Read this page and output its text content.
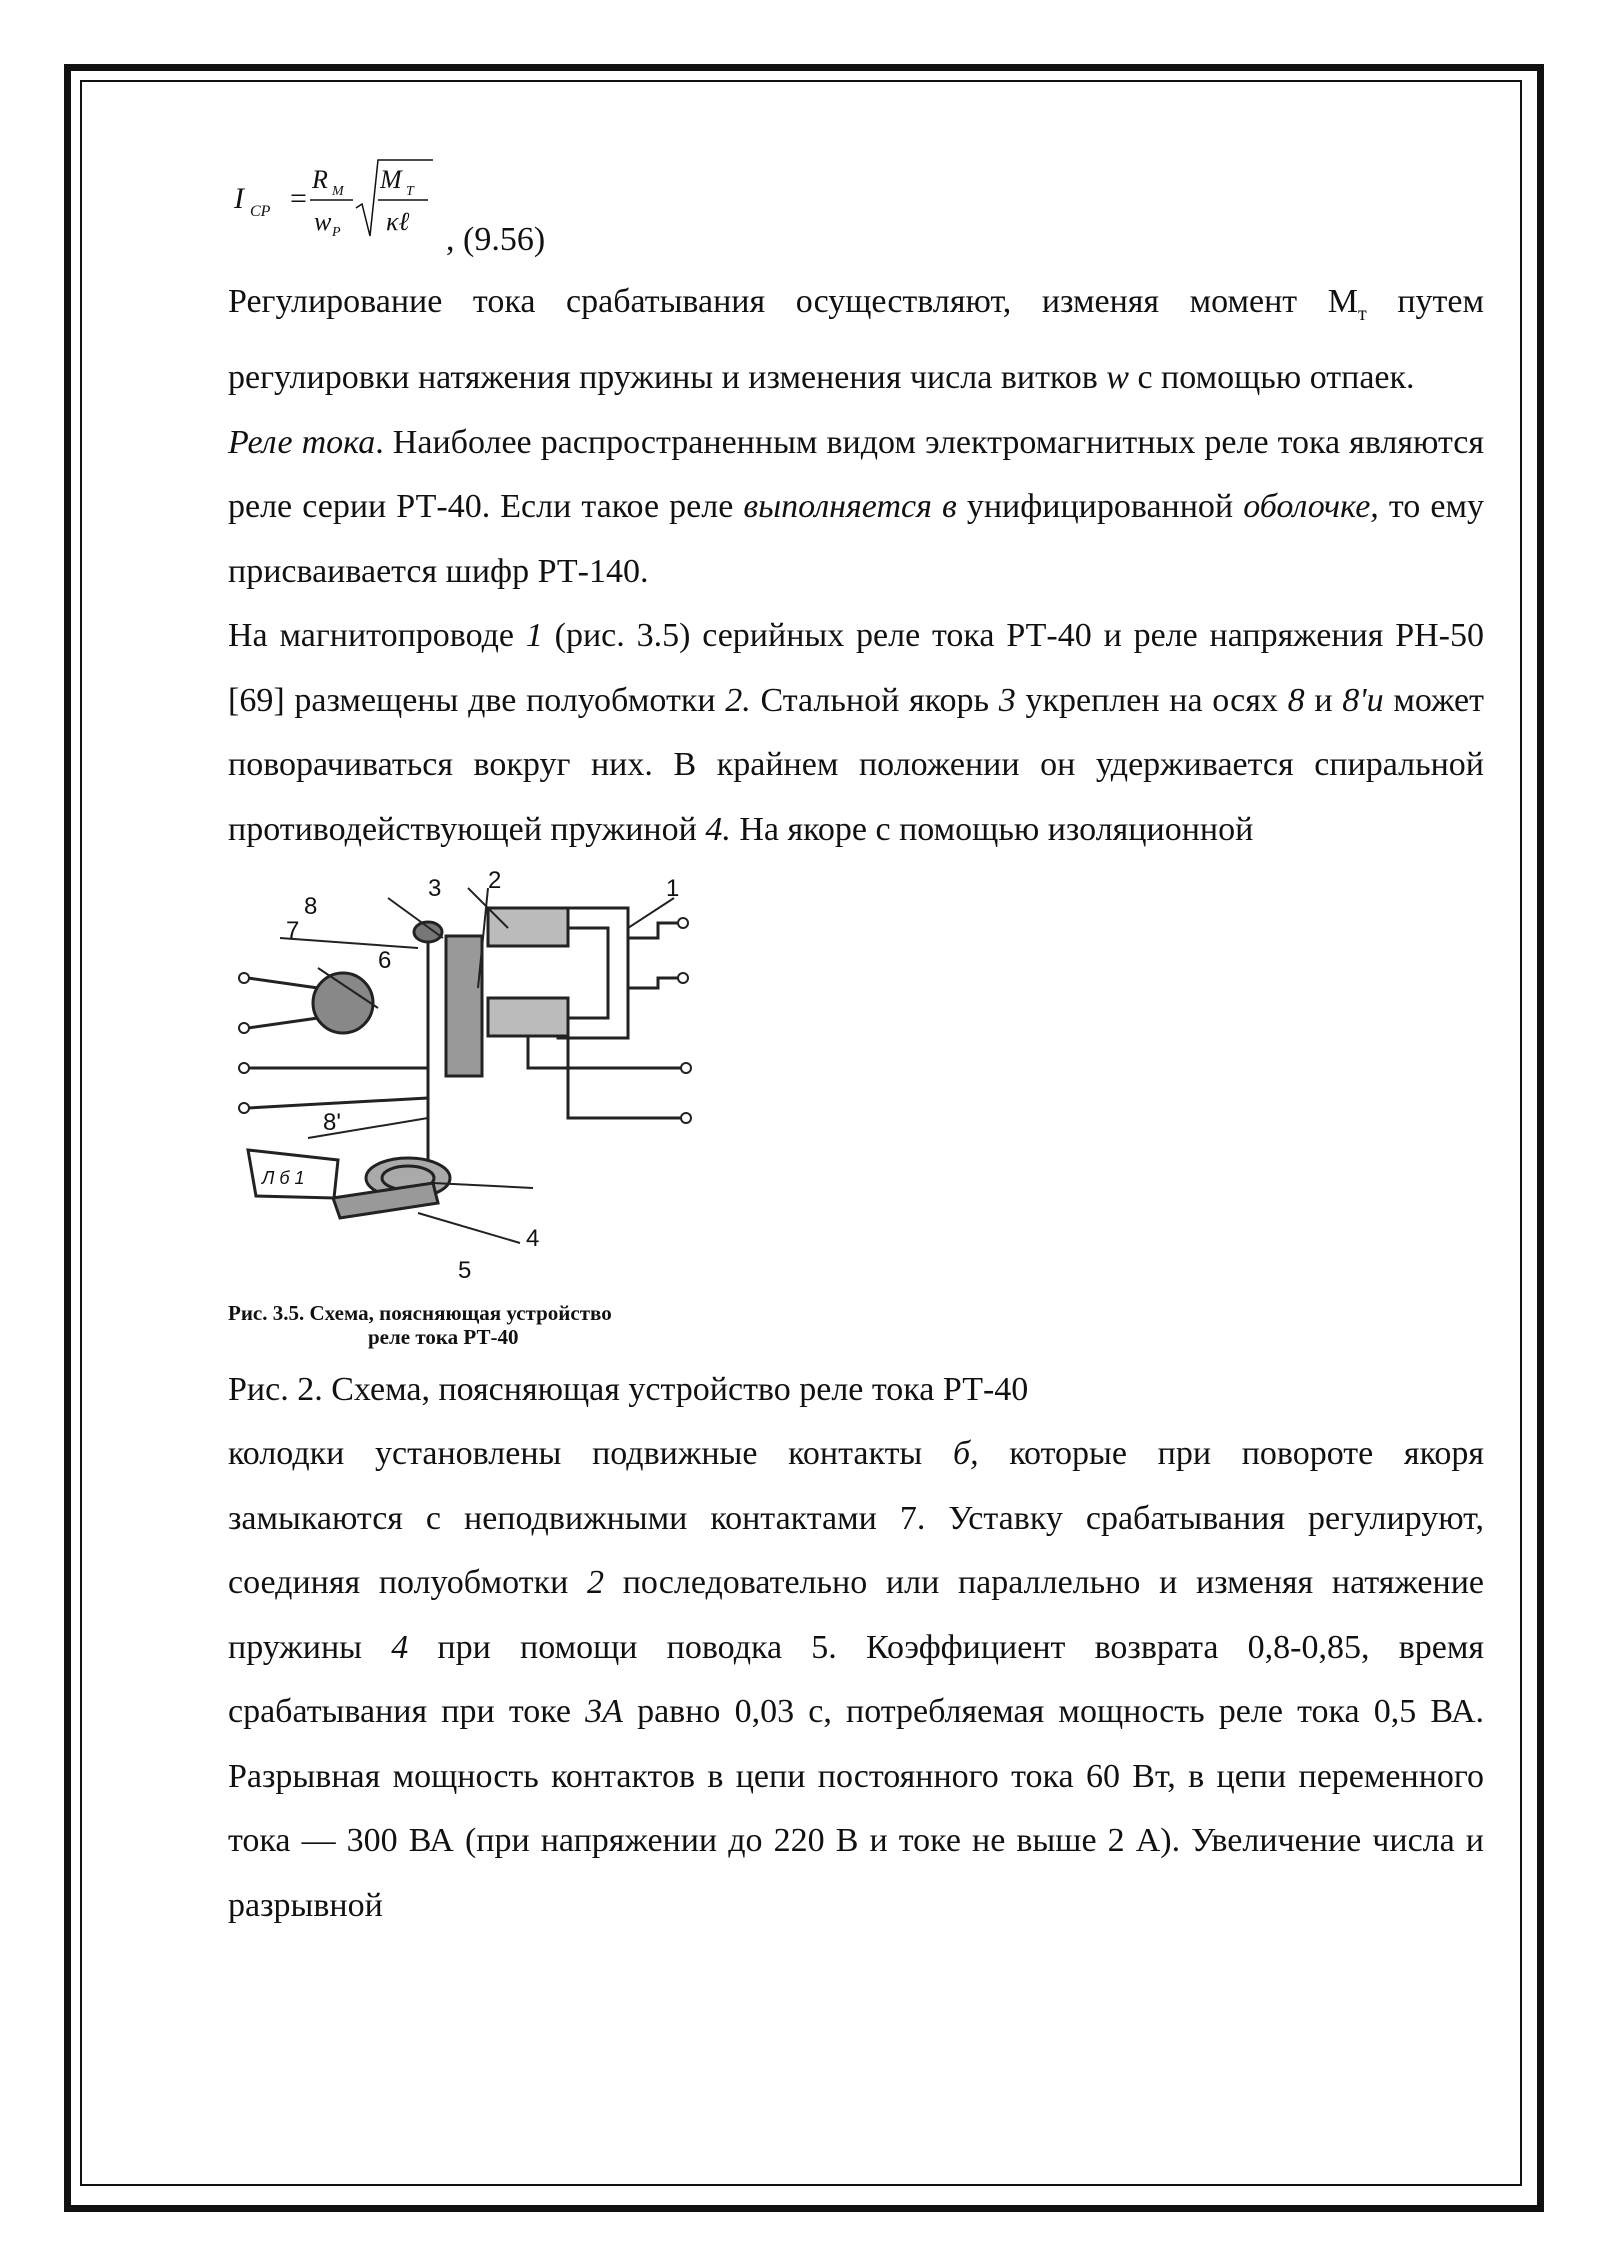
I СР =
R М
w Р
M Т
κℓ , (9.56)

Регулирование тока срабатывания осуществляют, изменяя момент $М_т$ путем регулировки натяжения пружины и изменения числа витков w с помощью отпаек.

Реле тока. Наиболее распространенным видом электромагнитных реле тока являются реле серии РТ-40. Если такое реле выполняется в унифицированной оболочке, то ему присваивается шифр РТ-140.

На магнитопроводе 1 (рис. 3.5) серийных реле тока РТ-40 и реле напряжения РН-50 [69] размещены две полуобмотки 2. Стальной якорь 3 укреплен на осях 8 и 8'и может поворачиваться вокруг них. В крайнем положении он удерживается спиральной противодействующей пружиной 4. На якоре с помощью изоляционной

1
2
3
4
5
6
7
8
8'
Л б 1
Рис. 3.5. Схема, поясняющая устройство
реле тока РТ-40

Рис. 2. Схема, поясняющая устройство реле тока РТ-40

колодки установлены подвижные контакты б, которые при повороте якоря замыкаются с неподвижными контактами 7. Уставку срабатывания регулируют, соединяя полуобмотки 2 последовательно или параллельно и изменяя натяжение пружины 4 при помощи поводка 5. Коэффициент возврата 0,8-0,85, время срабатывания при токе 3А равно 0,03 с, потребляемая мощность реле тока 0,5 ВА. Разрывная мощность контактов в цепи постоянного тока 60 Вт, в цепи переменного тока — 300 ВА (при напряжении до 220 В и токе не выше 2 А). Увеличение числа и разрывной
